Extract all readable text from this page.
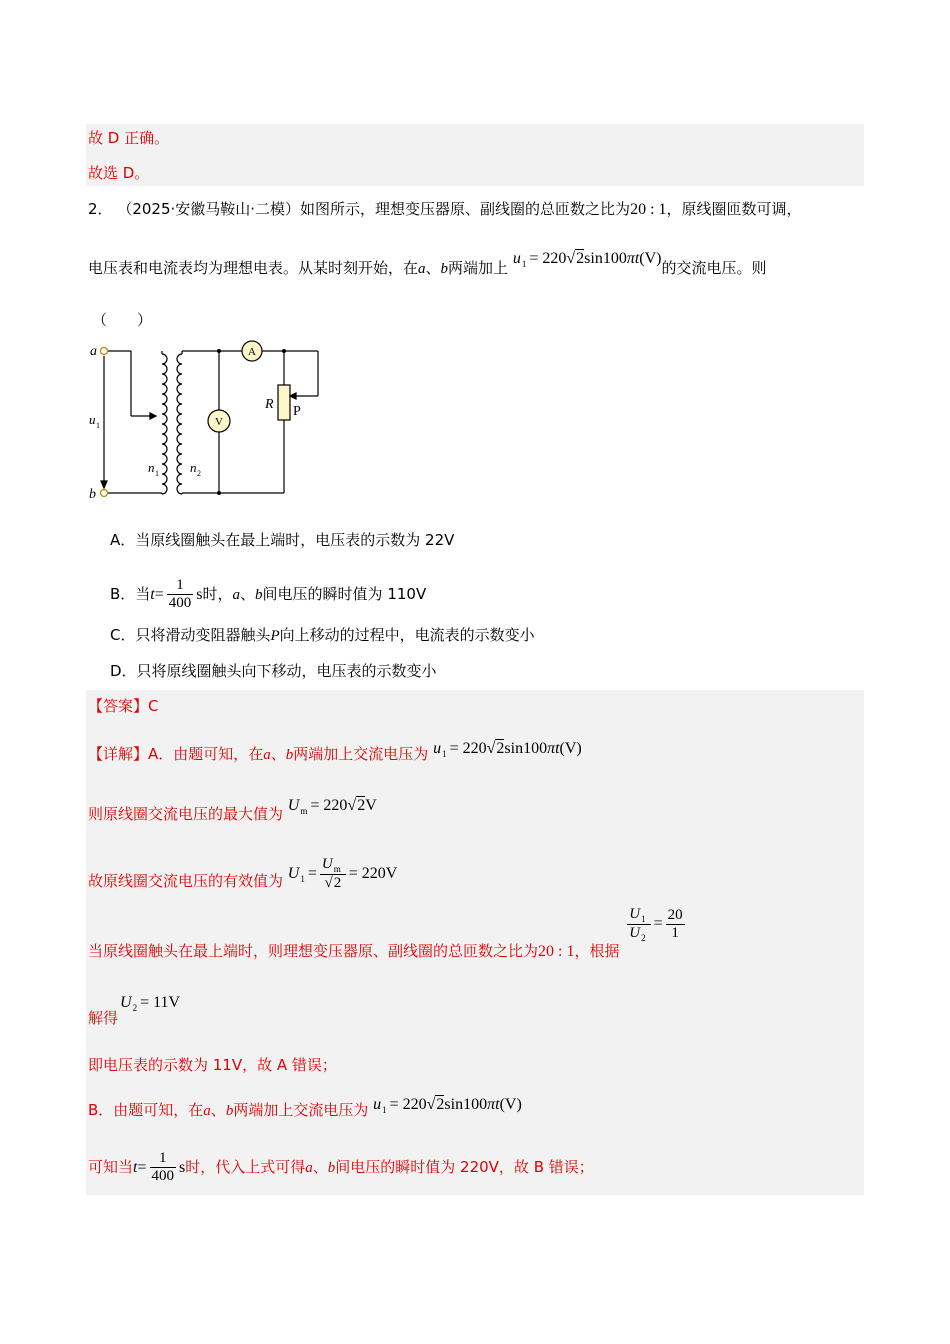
故 D 正确。
故选 D。
2． （2025·安徽马鞍山·二模）如图所示，理想变压器原、副线圈的总匝数之比为20 : 1，原线圈匝数可调，
电压表和电流表均为理想电表。从某时刻开始，在a、b两端加上 $u_1 = 220√2\sin 100\pi t(V)$的交流电压。则
（　　）
a
b
u 1
n 1 n 2
A
V
R P
A．当原线圈触头在最上端时，电压表的示数为 22V
B．当$t= \frac{1}{400}$ s时，a、b间电压的瞬时值为 110V
C．只将滑动变阻器触头P向上移动的过程中，电流表的示数变小
D．只将原线圈触头向下移动，电压表的示数变小
【答案】C
【详解】A．由题可知，在a、b两端加上交流电压为 $u_1 = 220√2\sin 100\pi t(V)$
则原线圈交流电压的最大值为 $U_m = 220√2V$
故原线圈交流电压的有效值为 $U_1 = \frac{U_m}{√2} = 220V$
当原线圈触头在最上端时，则理想变压器原、副线圈的总匝数之比为20 : 1，根据
$\frac{U_1}{U_2} = \frac{20}{1}$
$U_2 = 11V$
解得
即电压表的示数为 11V，故 A 错误；
B．由题可知，在a、b两端加上交流电压为 $u_1 = 220√2\sin 100\pi t(V)$
可知当$t= \frac{1}{400}$ s时，代入上式可得a、b间电压的瞬时值为 220V，故 B 错误；
